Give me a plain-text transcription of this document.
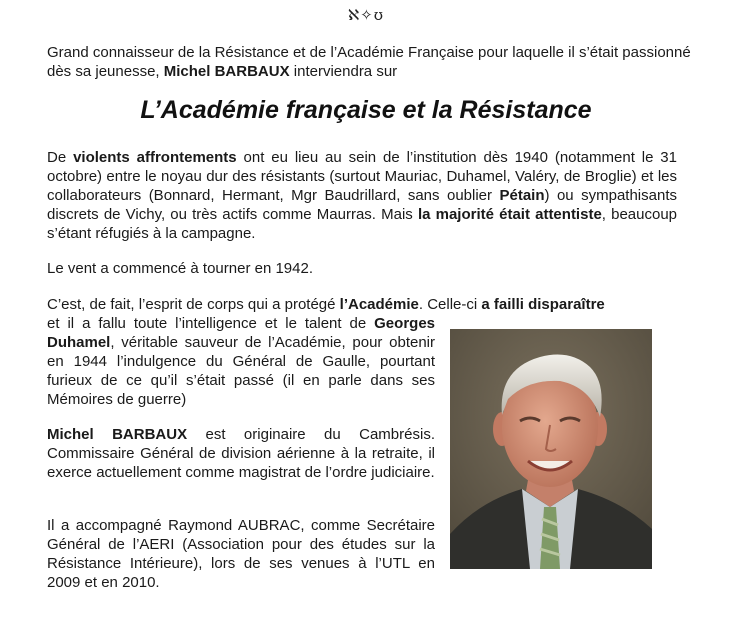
ℵ✧ʊ

Grand connaisseur de la Résistance et de l’Académie Française pour laquelle il s’était passionné dès sa jeunesse, Michel BARBAUX interviendra sur

L’Académie française et la Résistance

De violents affrontements ont eu lieu au sein de l’institution dès 1940 (notamment le 31 octobre) entre le noyau dur des résistants (surtout Mauriac, Duhamel, Valéry, de Broglie) et les collaborateurs (Bonnard, Hermant, Mgr Baudrillard, sans oublier Pétain) ou sympathisants discrets de Vichy, ou très actifs comme Maurras. Mais la majorité était attentiste, beaucoup s’étant réfugiés à la campagne.

Le vent a commencé à tourner en 1942.

C’est, de fait, l’esprit de corps qui a protégé l’Académie. Celle-ci a failli disparaître

et il a fallu toute l’intelligence et le talent de Georges Duhamel, véritable sauveur de l’Académie, pour obtenir en 1944 l’indulgence du Général de Gaulle, pourtant furieux de ce qu’il s’était passé (il en parle dans ses Mémoires de guerre)

Michel BARBAUX est originaire du Cambrésis. Commissaire Général de division aérienne à la retraite, il exerce actuellement comme magistrat de l’ordre judiciaire.

Il a accompagné Raymond AUBRAC, comme Secrétaire Général de l’AERI (Association pour des études sur la Résistance Intérieure), lors de ses venues à l’UTL en 2009 et en 2010.
